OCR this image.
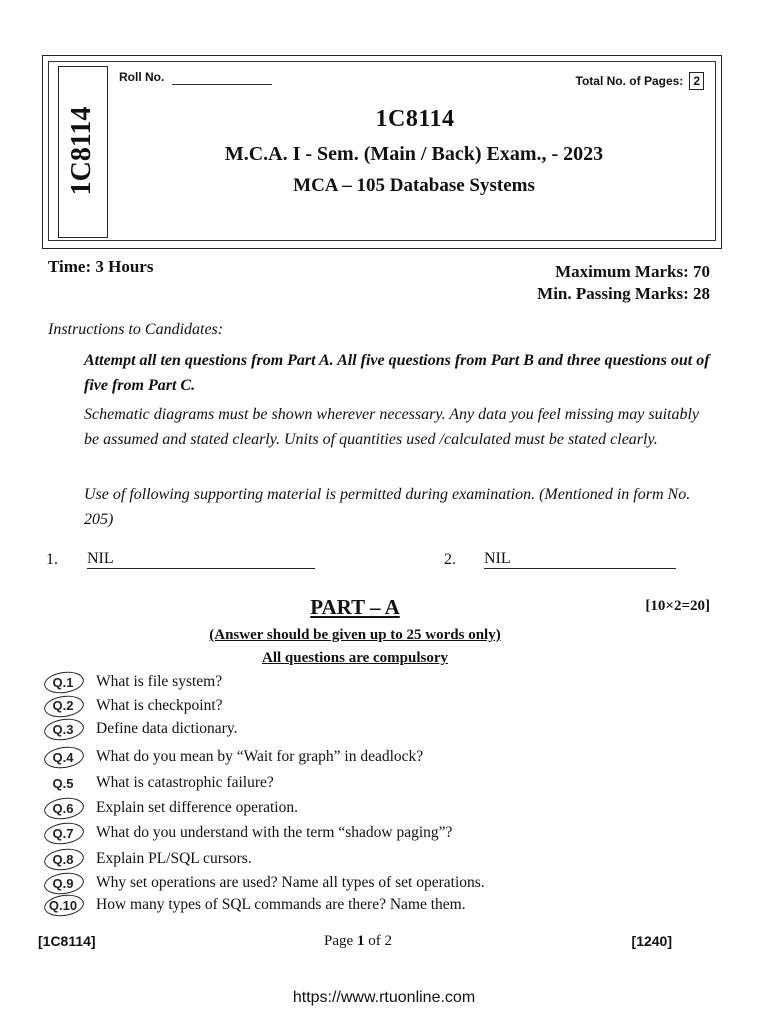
1C8114
Roll No.	Total No. of Pages: 2
1C8114
M.C.A. I - Sem. (Main / Back) Exam., - 2023
MCA – 105 Database Systems
Time: 3 Hours	Maximum Marks: 70
Min. Passing Marks: 28
Instructions to Candidates:
Attempt all ten questions from Part A. All five questions from Part B and three questions out of five from Part C.
Schematic diagrams must be shown wherever necessary. Any data you feel missing may suitably be assumed and stated clearly. Units of quantities used /calculated must be stated clearly.
Use of following supporting material is permitted during examination. (Mentioned in form No. 205)
1. NIL	2. NIL
PART – A	[10×2=20]
(Answer should be given up to 25 words only)
All questions are compulsory
Q.1 What is file system?
Q.2 What is checkpoint?
Q.3 Define data dictionary.
Q.4 What do you mean by “Wait for graph” in deadlock?
Q.5 What is catastrophic failure?
Q.6 Explain set difference operation.
Q.7 What do you understand with the term “shadow paging”?
Q.8 Explain PL/SQL cursors.
Q.9 Why set operations are used? Name all types of set operations.
Q.10 How many types of SQL commands are there? Name them.
[1C8114]	Page 1 of 2	[1240]
https://www.rtuonline.com
